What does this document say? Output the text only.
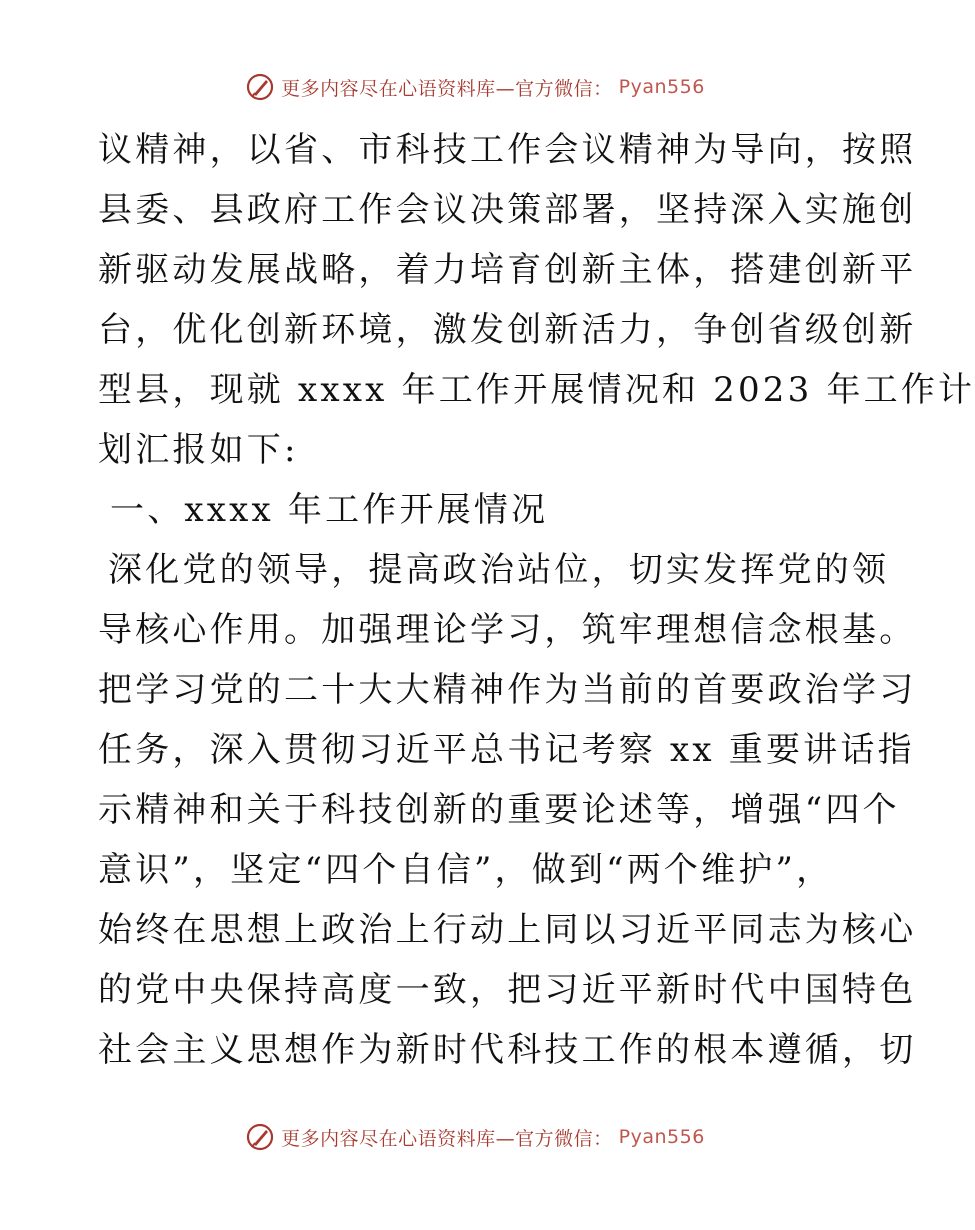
更多内容尽在心语资料库—官方微信： Pyan556
议精神，以省、市科技工作会议精神为导向，按照
县委、县政府工作会议决策部署，坚持深入实施创
新驱动发展战略，着力培育创新主体，搭建创新平
台，优化创新环境，激发创新活力，争创省级创新
型县，现就 xxxx 年工作开展情况和 2023 年工作计
划汇报如下:
一、xxxx 年工作开展情况
深化党的领导，提高政治站位，切实发挥党的领
导核心作用。加强理论学习，筑牢理想信念根基。
把学习党的二十大大精神作为当前的首要政治学习
任务，深入贯彻习近平总书记考察 xx 重要讲话指
示精神和关于科技创新的重要论述等，增强“四个
意识”，坚定“四个自信”，做到“两个维护”，
始终在思想上政治上行动上同以习近平同志为核心
的党中央保持高度一致，把习近平新时代中国特色
社会主义思想作为新时代科技工作的根本遵循，切
更多内容尽在心语资料库—官方微信： Pyan556
